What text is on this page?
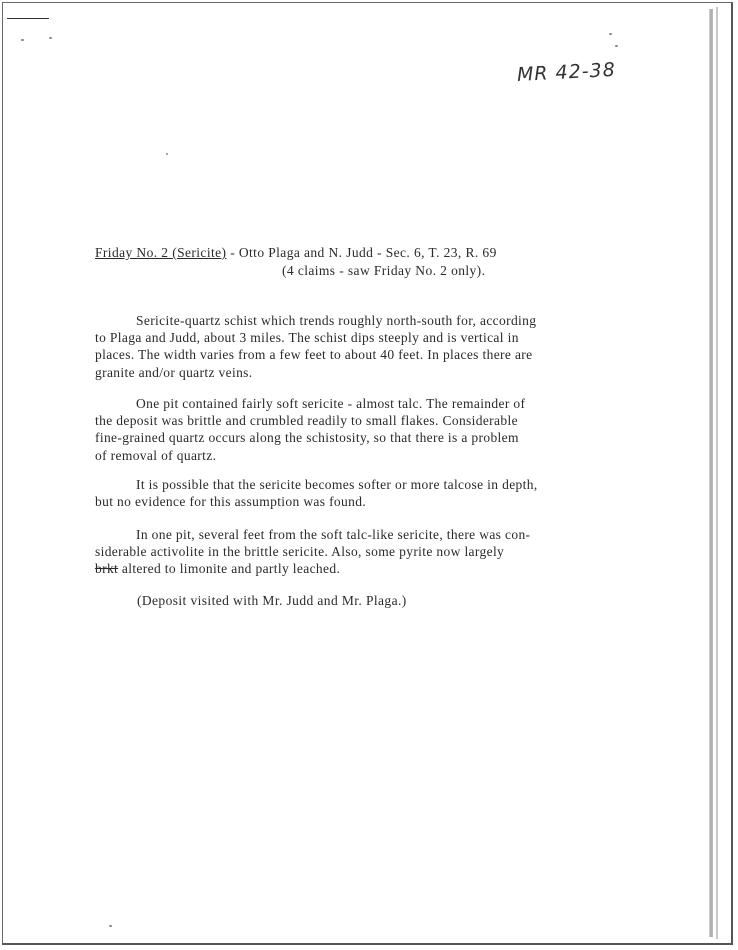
MR 42-38
Friday No. 2 (Sericite) - Otto Plaga and N. Judd - Sec. 6, T. 23, R. 69
(4 claims - saw Friday No. 2 only).

Sericite-quartz schist which trends roughly north-south for, according
to Plaga and Judd, about 3 miles. The schist dips steeply and is vertical in
places. The width varies from a few feet to about 40 feet. In places there are
granite and/or quartz veins.

One pit contained fairly soft sericite - almost talc. The remainder of
the deposit was brittle and crumbled readily to small flakes. Considerable
fine-grained quartz occurs along the schistosity, so that there is a problem
of removal of quartz.

It is possible that the sericite becomes softer or more talcose in depth,
but no evidence for this assumption was found.

In one pit, several feet from the soft talc-like sericite, there was con-
siderable activolite in the brittle sericite. Also, some pyrite now largely
brkt altered to limonite and partly leached.

(Deposit visited with Mr. Judd and Mr. Plaga.)
